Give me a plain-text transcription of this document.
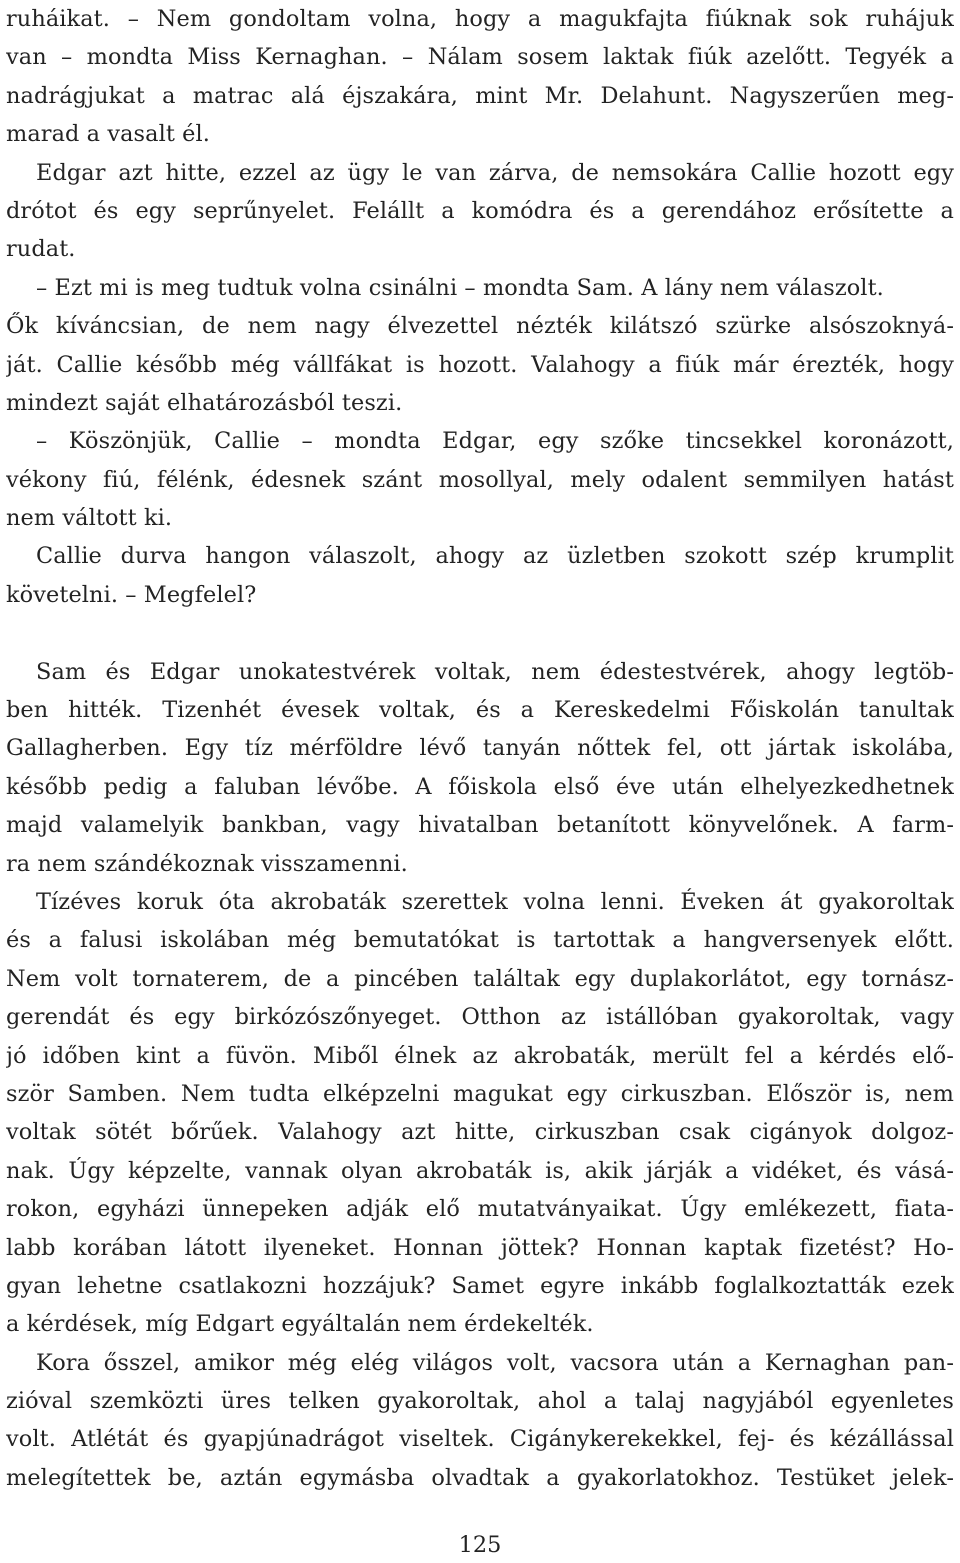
ruháikat. – Nem gondoltam volna, hogy a magukfajta fiúknak sok ruhájuk
van – mondta Miss Kernaghan. – Nálam sosem laktak fiúk azelőtt. Tegyék a
nadrágjukat a matrac alá éjszakára, mint Mr. Delahunt. Nagyszerűen meg-
marad a vasalt él.
Edgar azt hitte, ezzel az ügy le van zárva, de nemsokára Callie hozott egy
drótot és egy seprűnyelet. Felállt a komódra és a gerendához erősítette a
rudat.
– Ezt mi is meg tudtuk volna csinálni – mondta Sam. A lány nem válaszolt.
Ők kíváncsian, de nem nagy élvezettel nézték kilátszó szürke alsószoknyá-
ját. Callie később még vállfákat is hozott. Valahogy a fiúk már érezték, hogy
mindezt saját elhatározásból teszi.
– Köszönjük, Callie – mondta Edgar, egy szőke tincsekkel koronázott,
vékony fiú, félénk, édesnek szánt mosollyal, mely odalent semmilyen hatást
nem váltott ki.
Callie durva hangon válaszolt, ahogy az üzletben szokott szép krumplit
követelni. – Megfelel?
Sam és Edgar unokatestvérek voltak, nem édestestvérek, ahogy legtöb-
ben hitték. Tizenhét évesek voltak, és a Kereskedelmi Főiskolán tanultak
Gallagherben. Egy tíz mérföldre lévő tanyán nőttek fel, ott jártak iskolába,
később pedig a faluban lévőbe. A főiskola első éve után elhelyezkedhetnek
majd valamelyik bankban, vagy hivatalban betanított könyvelőnek. A farm-
ra nem szándékoznak visszamenni.
Tízéves koruk óta akrobaták szerettek volna lenni. Éveken át gyakoroltak
és a falusi iskolában még bemutatókat is tartottak a hangversenyek előtt.
Nem volt tornaterem, de a pincében találtak egy duplakorlátot, egy tornász-
gerendát és egy birkózószőnyeget. Otthon az istállóban gyakoroltak, vagy
jó időben kint a füvön. Miből élnek az akrobaták, merült fel a kérdés elő-
ször Samben. Nem tudta elképzelni magukat egy cirkuszban. Először is, nem
voltak sötét bőrűek. Valahogy azt hitte, cirkuszban csak cigányok dolgoz-
nak. Úgy képzelte, vannak olyan akrobaták is, akik járják a vidéket, és vásá-
rokon, egyházi ünnepeken adják elő mutatványaikat. Úgy emlékezett, fiata-
labb korában látott ilyeneket. Honnan jöttek? Honnan kaptak fizetést? Ho-
gyan lehetne csatlakozni hozzájuk? Samet egyre inkább foglalkoztatták ezek
a kérdések, míg Edgart egyáltalán nem érdekelték.
Kora ősszel, amikor még elég világos volt, vacsora után a Kernaghan pan-
zióval szemközti üres telken gyakoroltak, ahol a talaj nagyjából egyenletes
volt. Atlétát és gyapjúnadrágot viseltek. Cigánykerekekkel, fej- és kézállással
melegítettek be, aztán egymásba olvadtak a gyakorlatokhoz. Testüket jelek-
125
